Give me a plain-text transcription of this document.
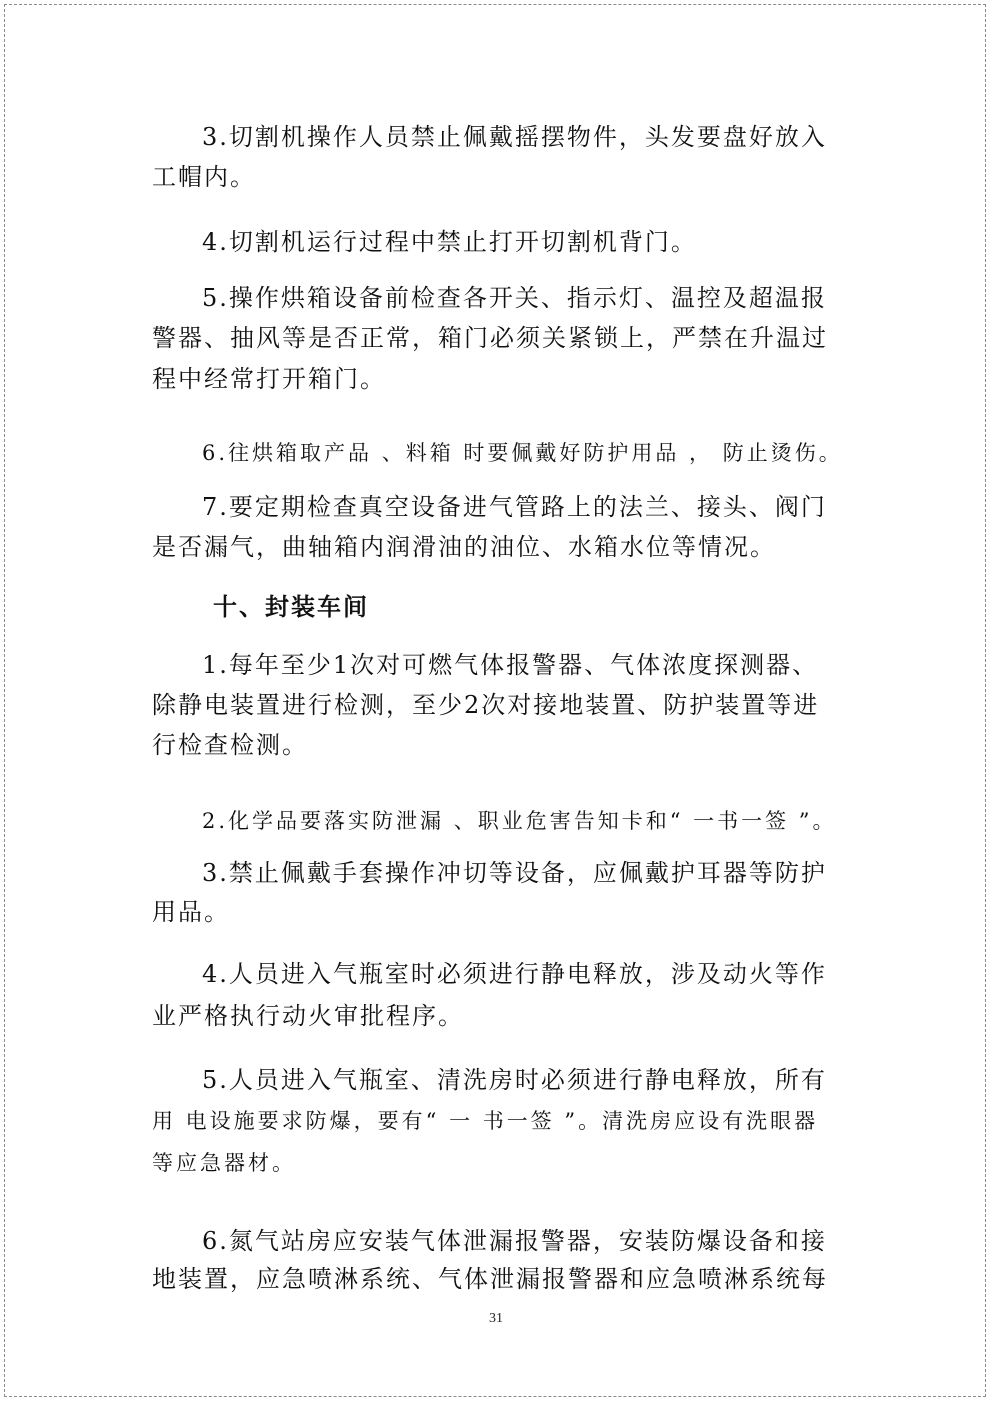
3.切割机操作人员禁止佩戴摇摆物件，头发要盘好放入
工帽内。
4.切割机运行过程中禁止打开切割机背门。
5.操作烘箱设备前检查各开关、指示灯、温控及超温报
警器、抽风等是否正常，箱门必须关紧锁上，严禁在升温过
程中经常打开箱门。
6.往烘箱取产品 、料箱 时要佩戴好防护用品 ， 防止烫伤。
7.要定期检查真空设备进气管路上的法兰、接头、阀门
是否漏气，曲轴箱内润滑油的油位、水箱水位等情况。
十、封装车间
1.每年至少1次对可燃气体报警器、气体浓度探测器、
除静电装置进行检测，至少2次对接地装置、防护装置等进
行检查检测。
2.化学品要落实防泄漏 、职业危害告知卡和“ 一书一签 ”。
3.禁止佩戴手套操作冲切等设备，应佩戴护耳器等防护
用品。
4.人员进入气瓶室时必须进行静电释放，涉及动火等作
业严格执行动火审批程序。
5.人员进入气瓶室、清洗房时必须进行静电释放，所有
用 电设施要求防爆，要有“ 一 书一签 ”。清洗房应设有洗眼器
等应急器材。
6.氮气站房应安装气体泄漏报警器，安装防爆设备和接
地装置，应急喷淋系统、气体泄漏报警器和应急喷淋系统每
31
